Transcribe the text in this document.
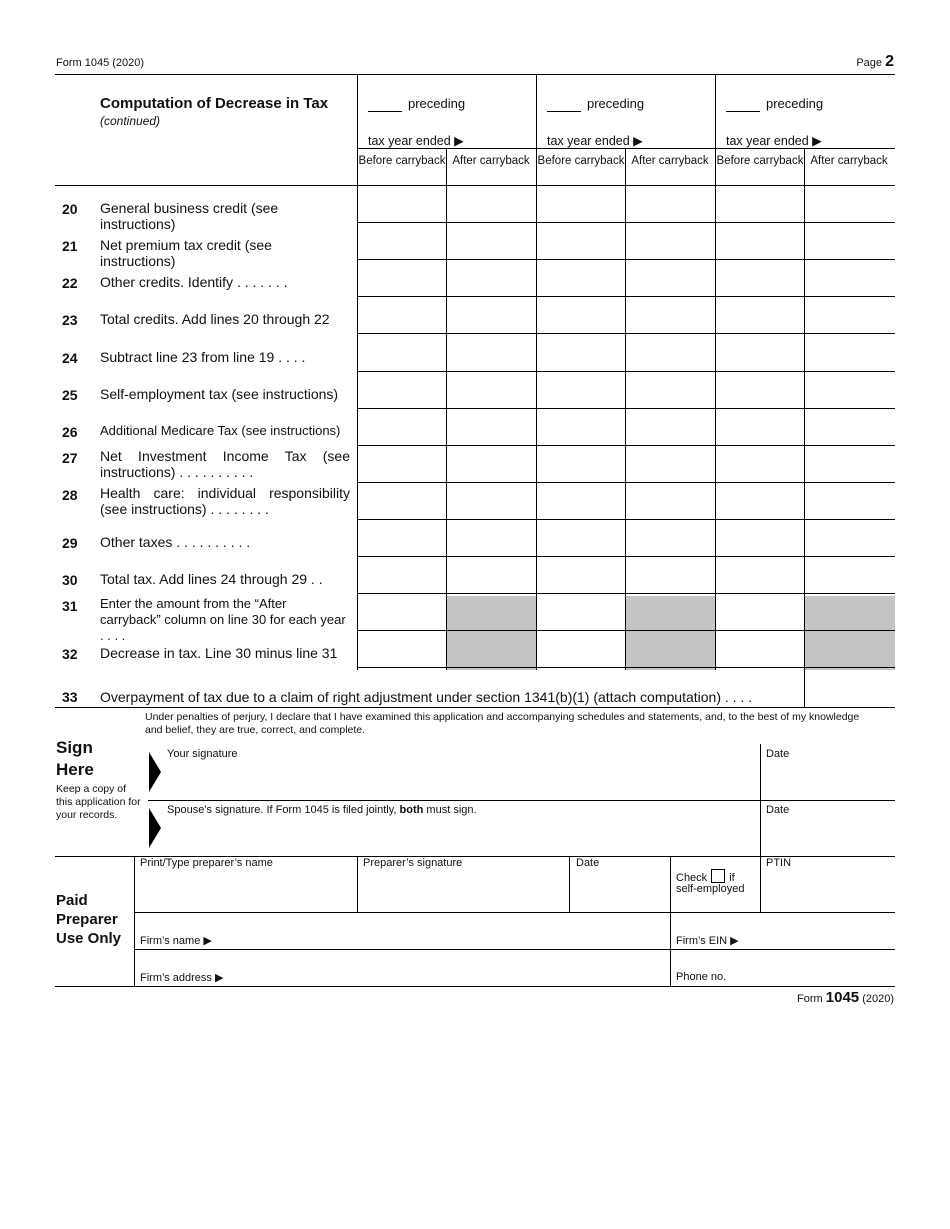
Form 1045 (2020)	Page 2
Computation of Decrease in Tax
(continued)
preceding
tax year ended ▶
Before carryback After carryback
preceding
tax year ended ▶
Before carryback After carryback
preceding
tax year ended ▶
Before carryback After carryback
20 General business credit (see instructions)
21 Net premium tax credit (see instructions)
22 Other credits. Identify . . . . . . .
23 Total credits. Add lines 20 through 22
24 Subtract line 23 from line 19 . . . .
25 Self-employment tax (see instructions)
26 Additional Medicare Tax (see instructions)
27 Net Investment Income Tax (see instructions) . . . . . . . . . .
28 Health care: individual responsibility (see instructions) . . . . . . . .
29 Other taxes . . . . . . . . . .
30 Total tax. Add lines 24 through 29 . .
31 Enter the amount from the “After carryback” column on line 30 for each year . . . .
32 Decrease in tax. Line 30 minus line 31
33 Overpayment of tax due to a claim of right adjustment under section 1341(b)(1) (attach computation) . . . .
Under penalties of perjury, I declare that I have examined this application and accompanying schedules and statements, and, to the best of my knowledge and belief, they are true, correct, and complete.
Sign
Here
Keep a copy of this application for your records.
Your signature	Date
Spouse’s signature. If Form 1045 is filed jointly, both must sign.	Date
Paid
Preparer
Use Only
Print/Type preparer’s name	Preparer’s signature	Date
Check if
self-employed
PTIN
Firm’s name ▶	Firm’s EIN ▶
Firm’s address ▶	Phone no.
Form 1045 (2020)
